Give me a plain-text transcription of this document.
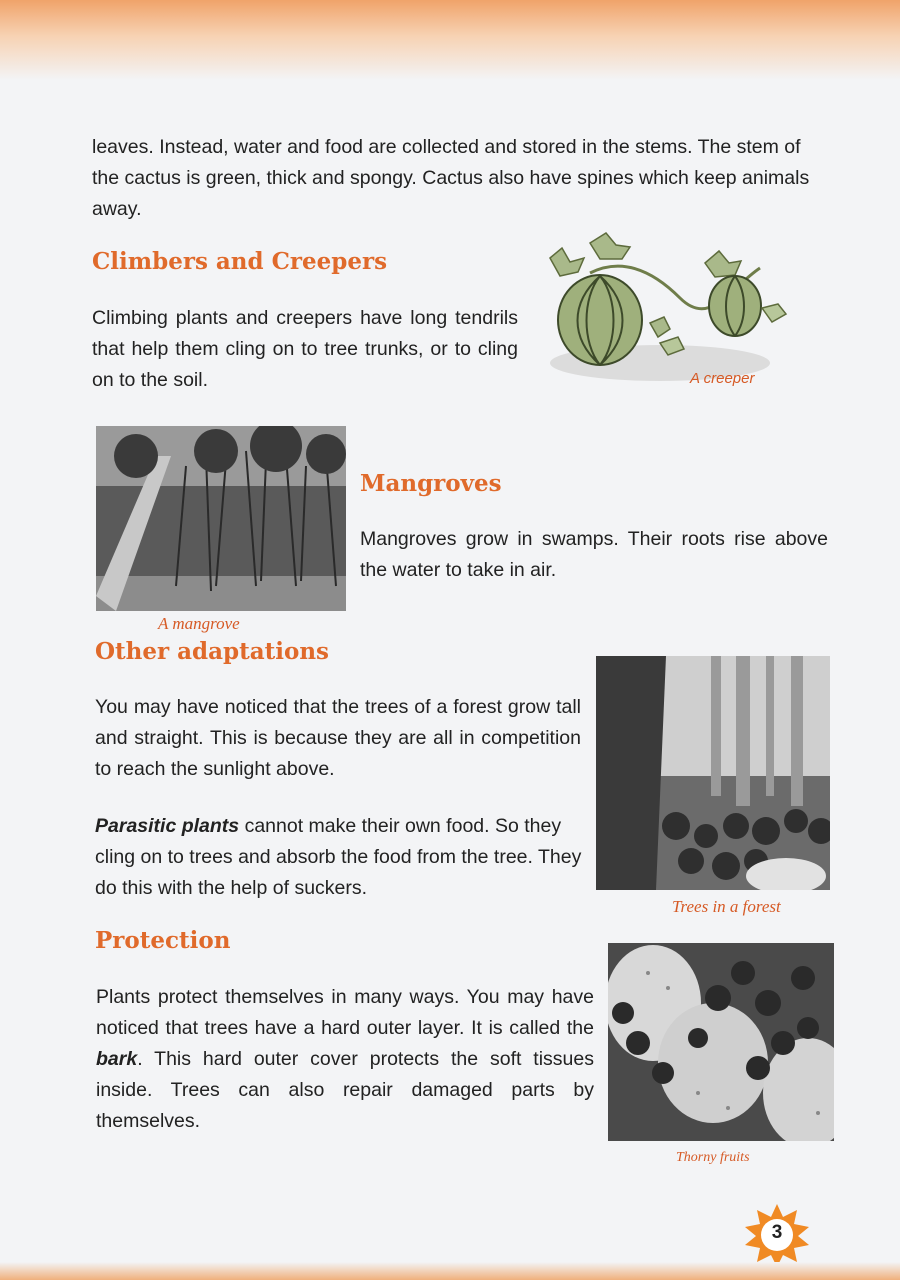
leaves. Instead, water and food are collected and stored in the stems. The stem of the cactus is green, thick and spongy. Cactus also have spines which keep animals away.

Climbers and Creepers

Climbing plants and creepers have long tendrils that help them cling on to tree trunks, or to cling on to the soil.	A creeper
A mangrove
Mangroves

Mangroves grow in swamps. Their roots rise above the water to take in air.

Other adaptations

You may have noticed that the trees of a forest grow tall and straight. This is because they are all in competition to reach the sunlight above.

Parasitic plants cannot make their own food. So they cling on to trees and absorb the food from the tree. They do this with the help of suckers.

Trees in a forest
Protection

Plants protect themselves in many ways. You may have noticed that trees have a hard outer layer. It is called the bark. This hard outer cover protects the soft tissues inside. Trees can also repair damaged parts by themselves.

Thorny fruits
3
